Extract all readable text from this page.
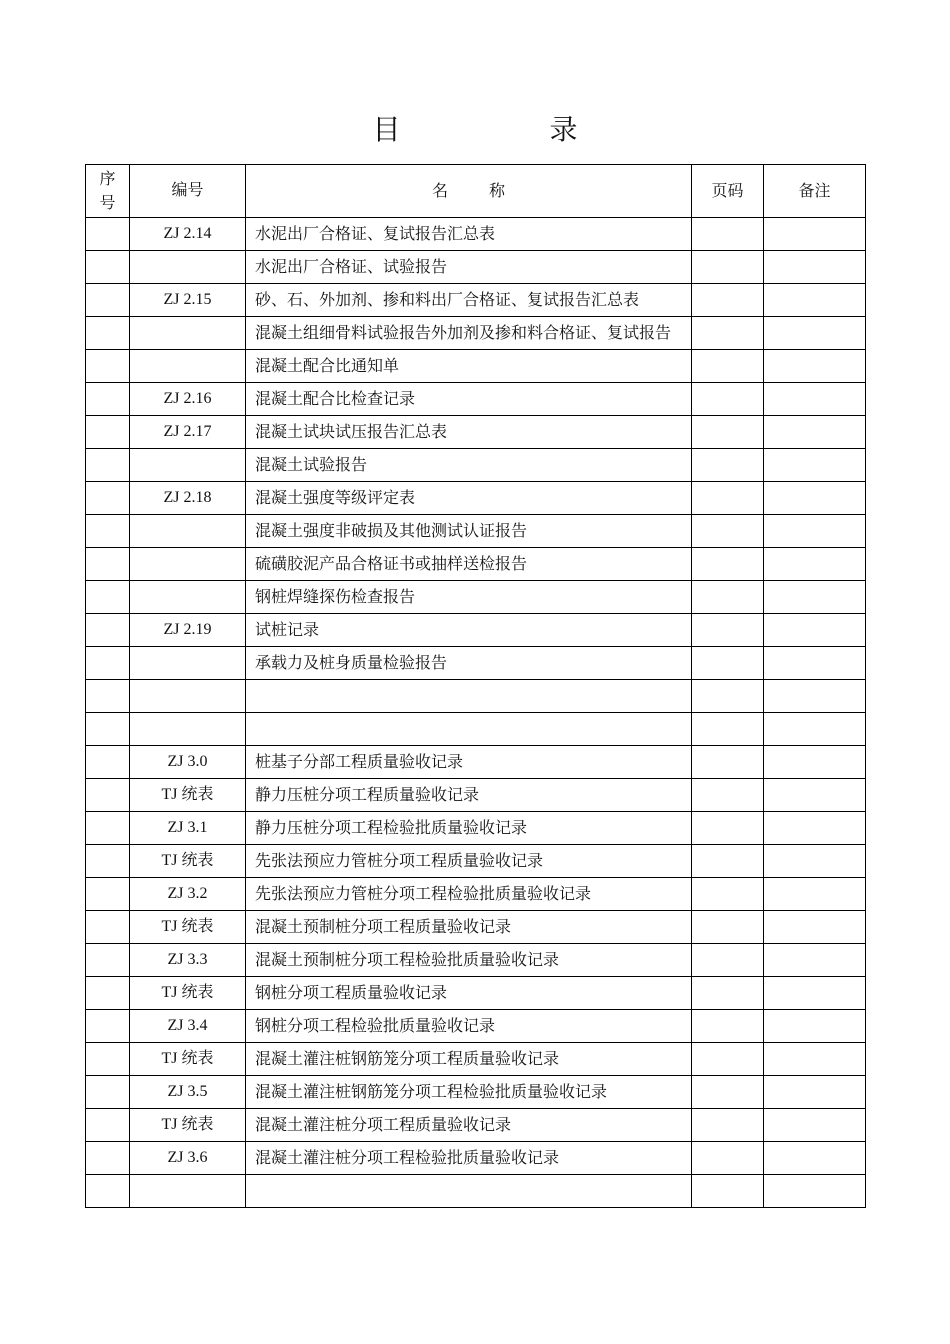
目 录
序号	编号	名 称	页码	备注
	ZJ 2.14	水泥出厂合格证、复试报告汇总表		
		水泥出厂合格证、试验报告		
	ZJ 2.15	砂、石、外加剂、掺和料出厂合格证、复试报告汇总表		
		混凝土组细骨料试验报告外加剂及掺和料合格证、复试报告		
		混凝土配合比通知单		
	ZJ 2.16	混凝土配合比检查记录		
	ZJ 2.17	混凝土试块试压报告汇总表		
		混凝土试验报告		
	ZJ 2.18	混凝土强度等级评定表		
		混凝土强度非破损及其他测试认证报告		
		硫磺胶泥产品合格证书或抽样送检报告		
		钢桩焊缝探伤检查报告		
	ZJ 2.19	试桩记录		
		承载力及桩身质量检验报告		

	ZJ 3.0	桩基子分部工程质量验收记录		
	TJ 统表	静力压桩分项工程质量验收记录		
	ZJ 3.1	静力压桩分项工程检验批质量验收记录		
	TJ 统表	先张法预应力管桩分项工程质量验收记录		
	ZJ 3.2	先张法预应力管桩分项工程检验批质量验收记录		
	TJ 统表	混凝土预制桩分项工程质量验收记录		
	ZJ 3.3	混凝土预制桩分项工程检验批质量验收记录		
	TJ 统表	钢桩分项工程质量验收记录		
	ZJ 3.4	钢桩分项工程检验批质量验收记录		
	TJ 统表	混凝土灌注桩钢筋笼分项工程质量验收记录		
	ZJ 3.5	混凝土灌注桩钢筋笼分项工程检验批质量验收记录		
	TJ 统表	混凝土灌注桩分项工程质量验收记录		
	ZJ 3.6	混凝土灌注桩分项工程检验批质量验收记录		
